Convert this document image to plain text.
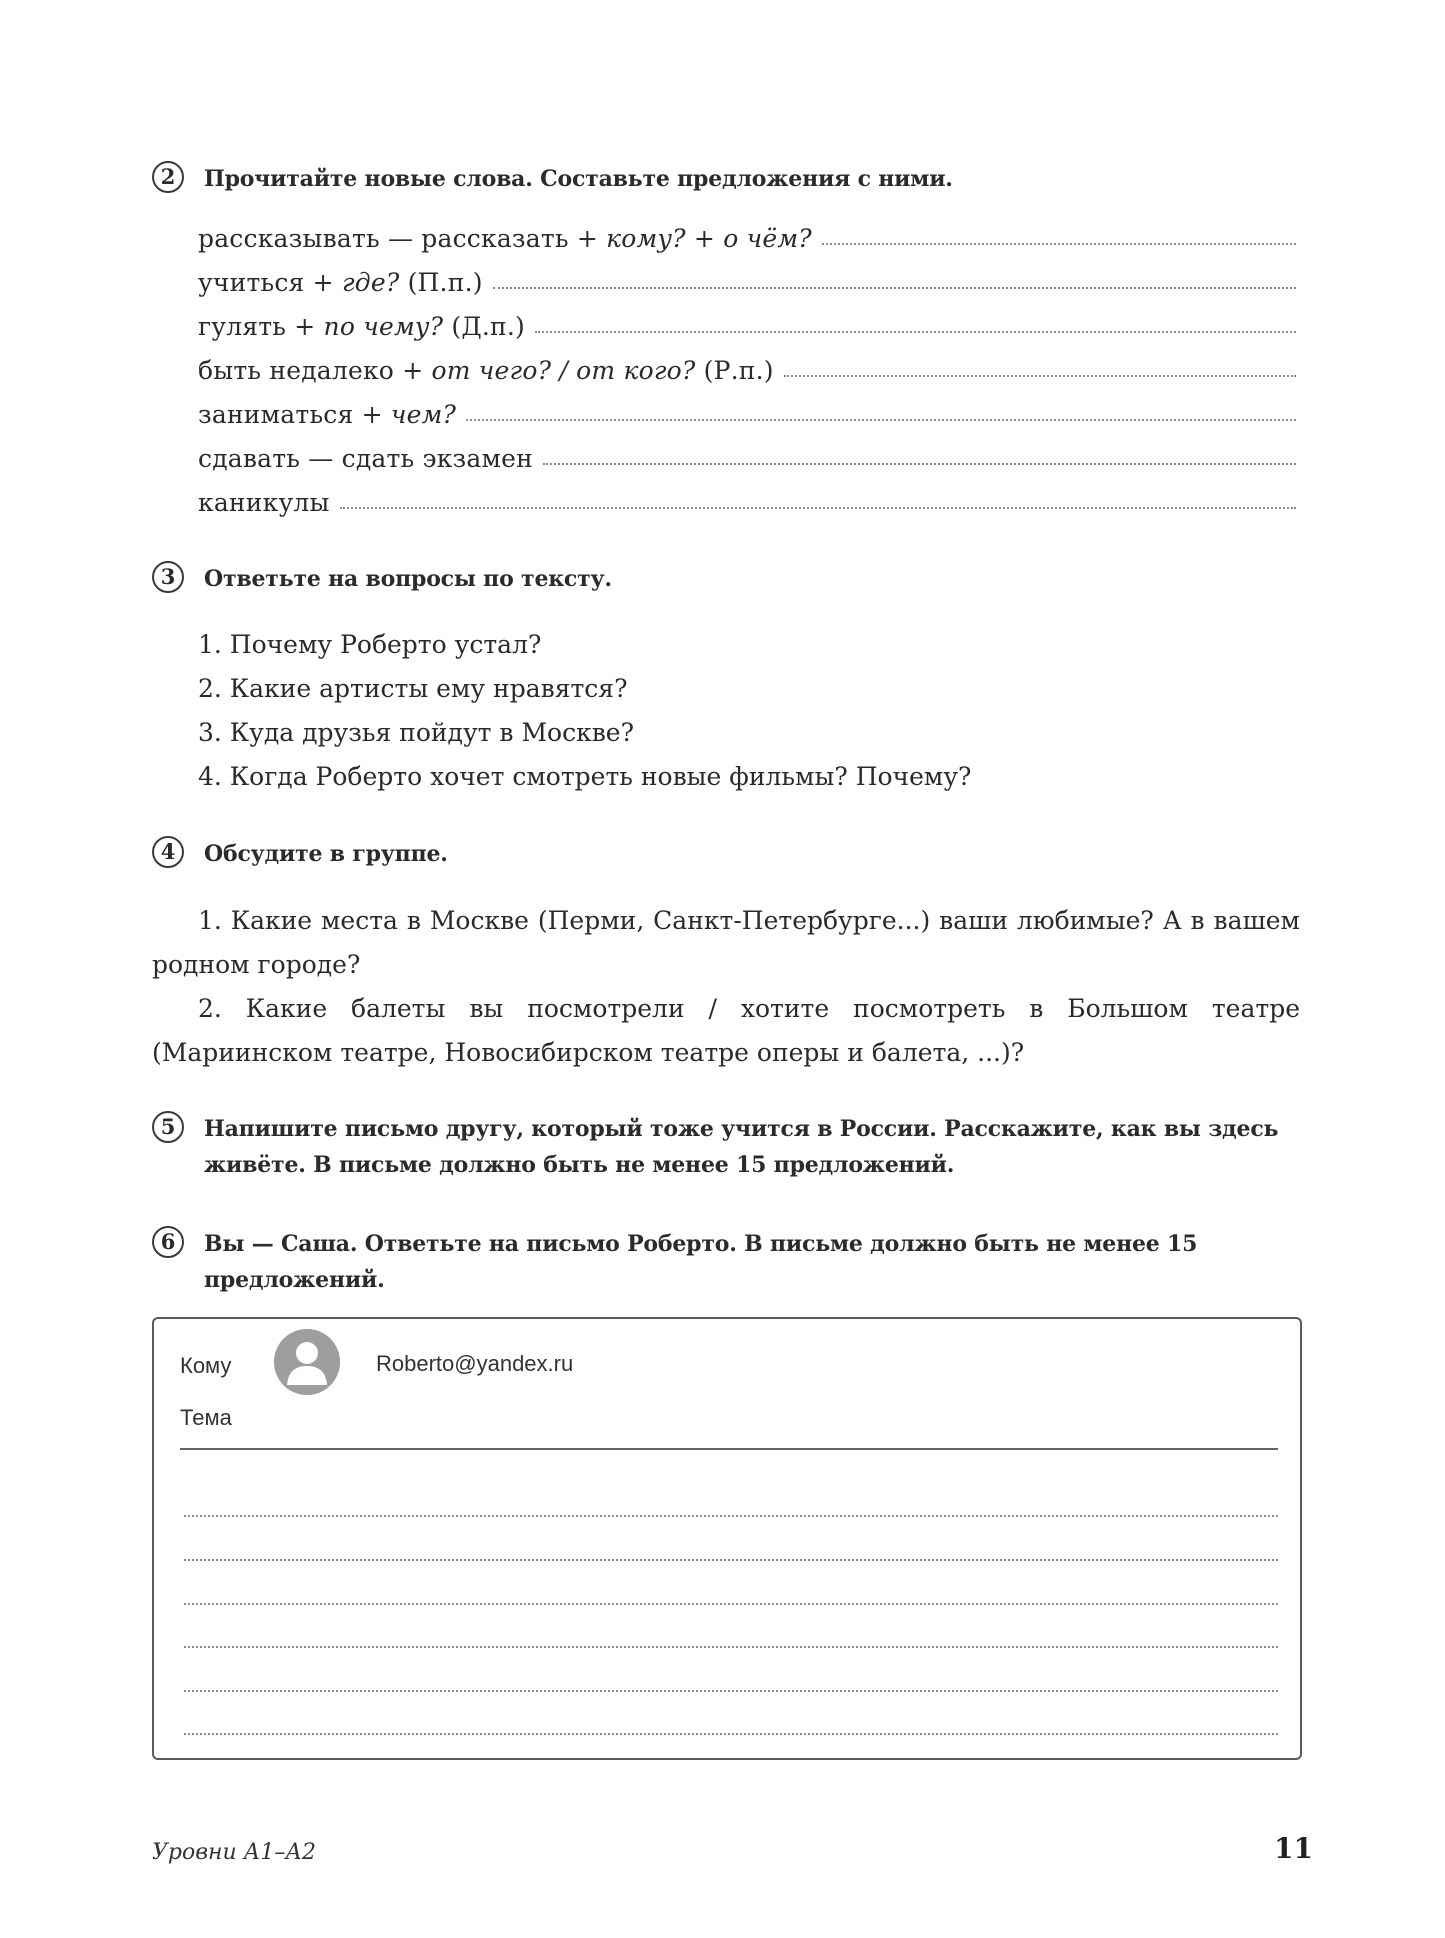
2	Прочитайте новые слова. Составьте предложения с ними.
рассказывать — рассказать + кому? + о чём?
учиться + где? (П.п.)
гулять + по чему? (Д.п.)
быть недалеко + от чего? / от кого? (Р.п.)
заниматься + чем?
сдавать — сдать экзамен
каникулы
3	Ответьте на вопросы по тексту.
1. Почему Роберто устал?
2. Какие артисты ему нравятся?
3. Куда друзья пойдут в Москве?
4. Когда Роберто хочет смотреть новые фильмы? Почему?
4	Обсудите в группе.
1. Какие места в Москве (Перми, Санкт-Петербурге...) ваши любимые? А в вашем родном городе?
2. Какие балеты вы посмотрели / хотите посмотреть в Большом театре (Мариинском театре, Новосибирском театре оперы и балета, ...)?
5	Напишите письмо другу, который тоже учится в России. Расскажите, как вы здесь живёте. В письме должно быть не менее 15 предложений.
6	Вы — Саша. Ответьте на письмо Роберто. В письме должно быть не менее 15 предложений.
Кому	Roberto@yandex.ru
Тема
Уровни А1–А2	11
